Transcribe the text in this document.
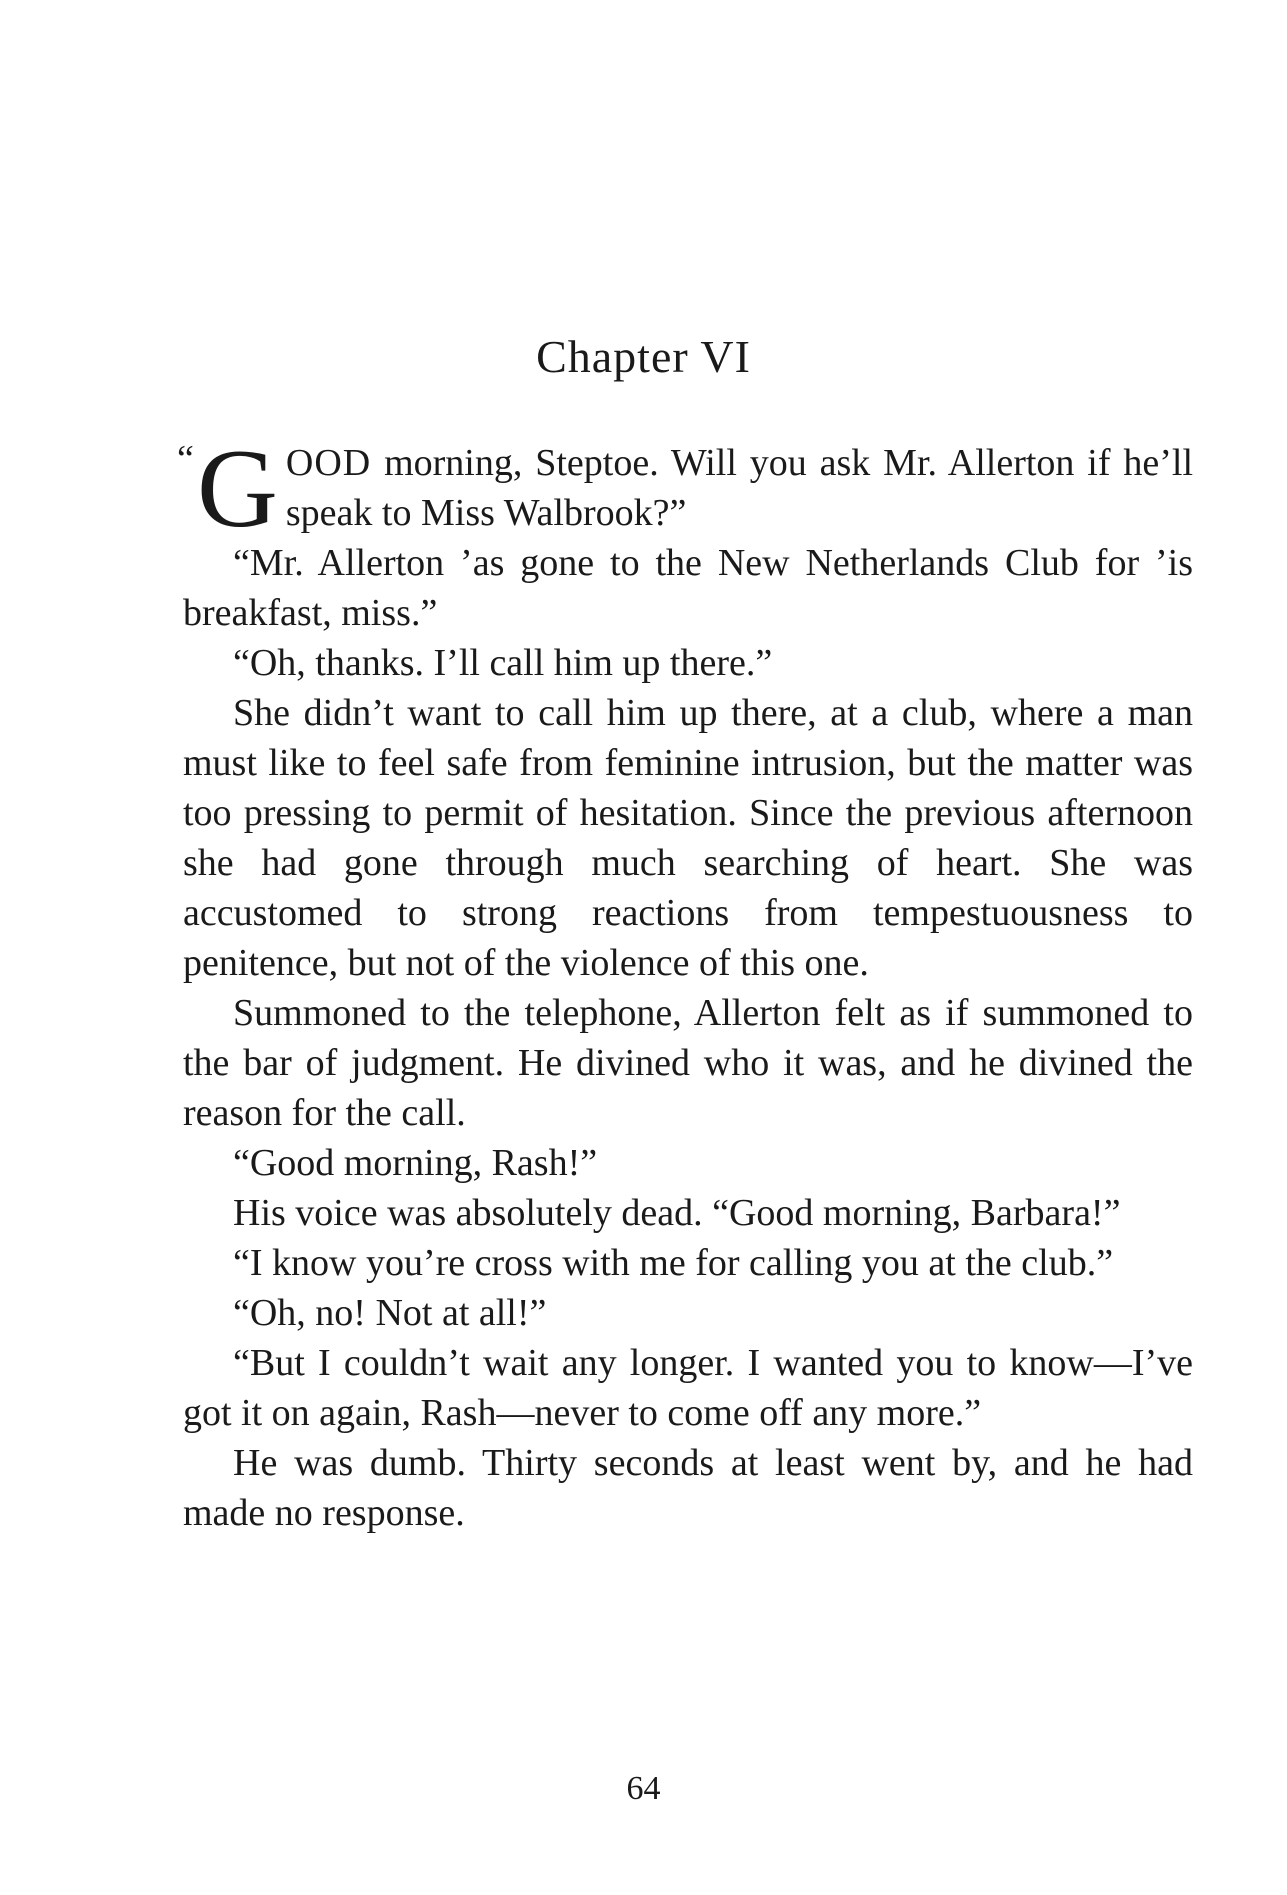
Chapter VI

“ G OOD morning, Steptoe. Will you ask Mr. Allerton if he’ll speak to Miss Walbrook?”

“Mr. Allerton ’as gone to the New Netherlands Club for ’is breakfast, miss.”

“Oh, thanks. I’ll call him up there.”

She didn’t want to call him up there, at a club, where a man must like to feel safe from feminine intrusion, but the matter was too pressing to permit of hesitation. Since the previous afternoon she had gone through much searching of heart. She was accustomed to strong reactions from tempestuousness to penitence, but not of the violence of this one.

Summoned to the telephone, Allerton felt as if summoned to the bar of judgment. He divined who it was, and he divined the reason for the call.

“Good morning, Rash!”

His voice was absolutely dead. “Good morning, Barbara!”

“I know you’re cross with me for calling you at the club.”

“Oh, no! Not at all!”

“But I couldn’t wait any longer. I wanted you to know—I’ve got it on again, Rash—never to come off any more.”

He was dumb. Thirty seconds at least went by, and he had made no response.

64
